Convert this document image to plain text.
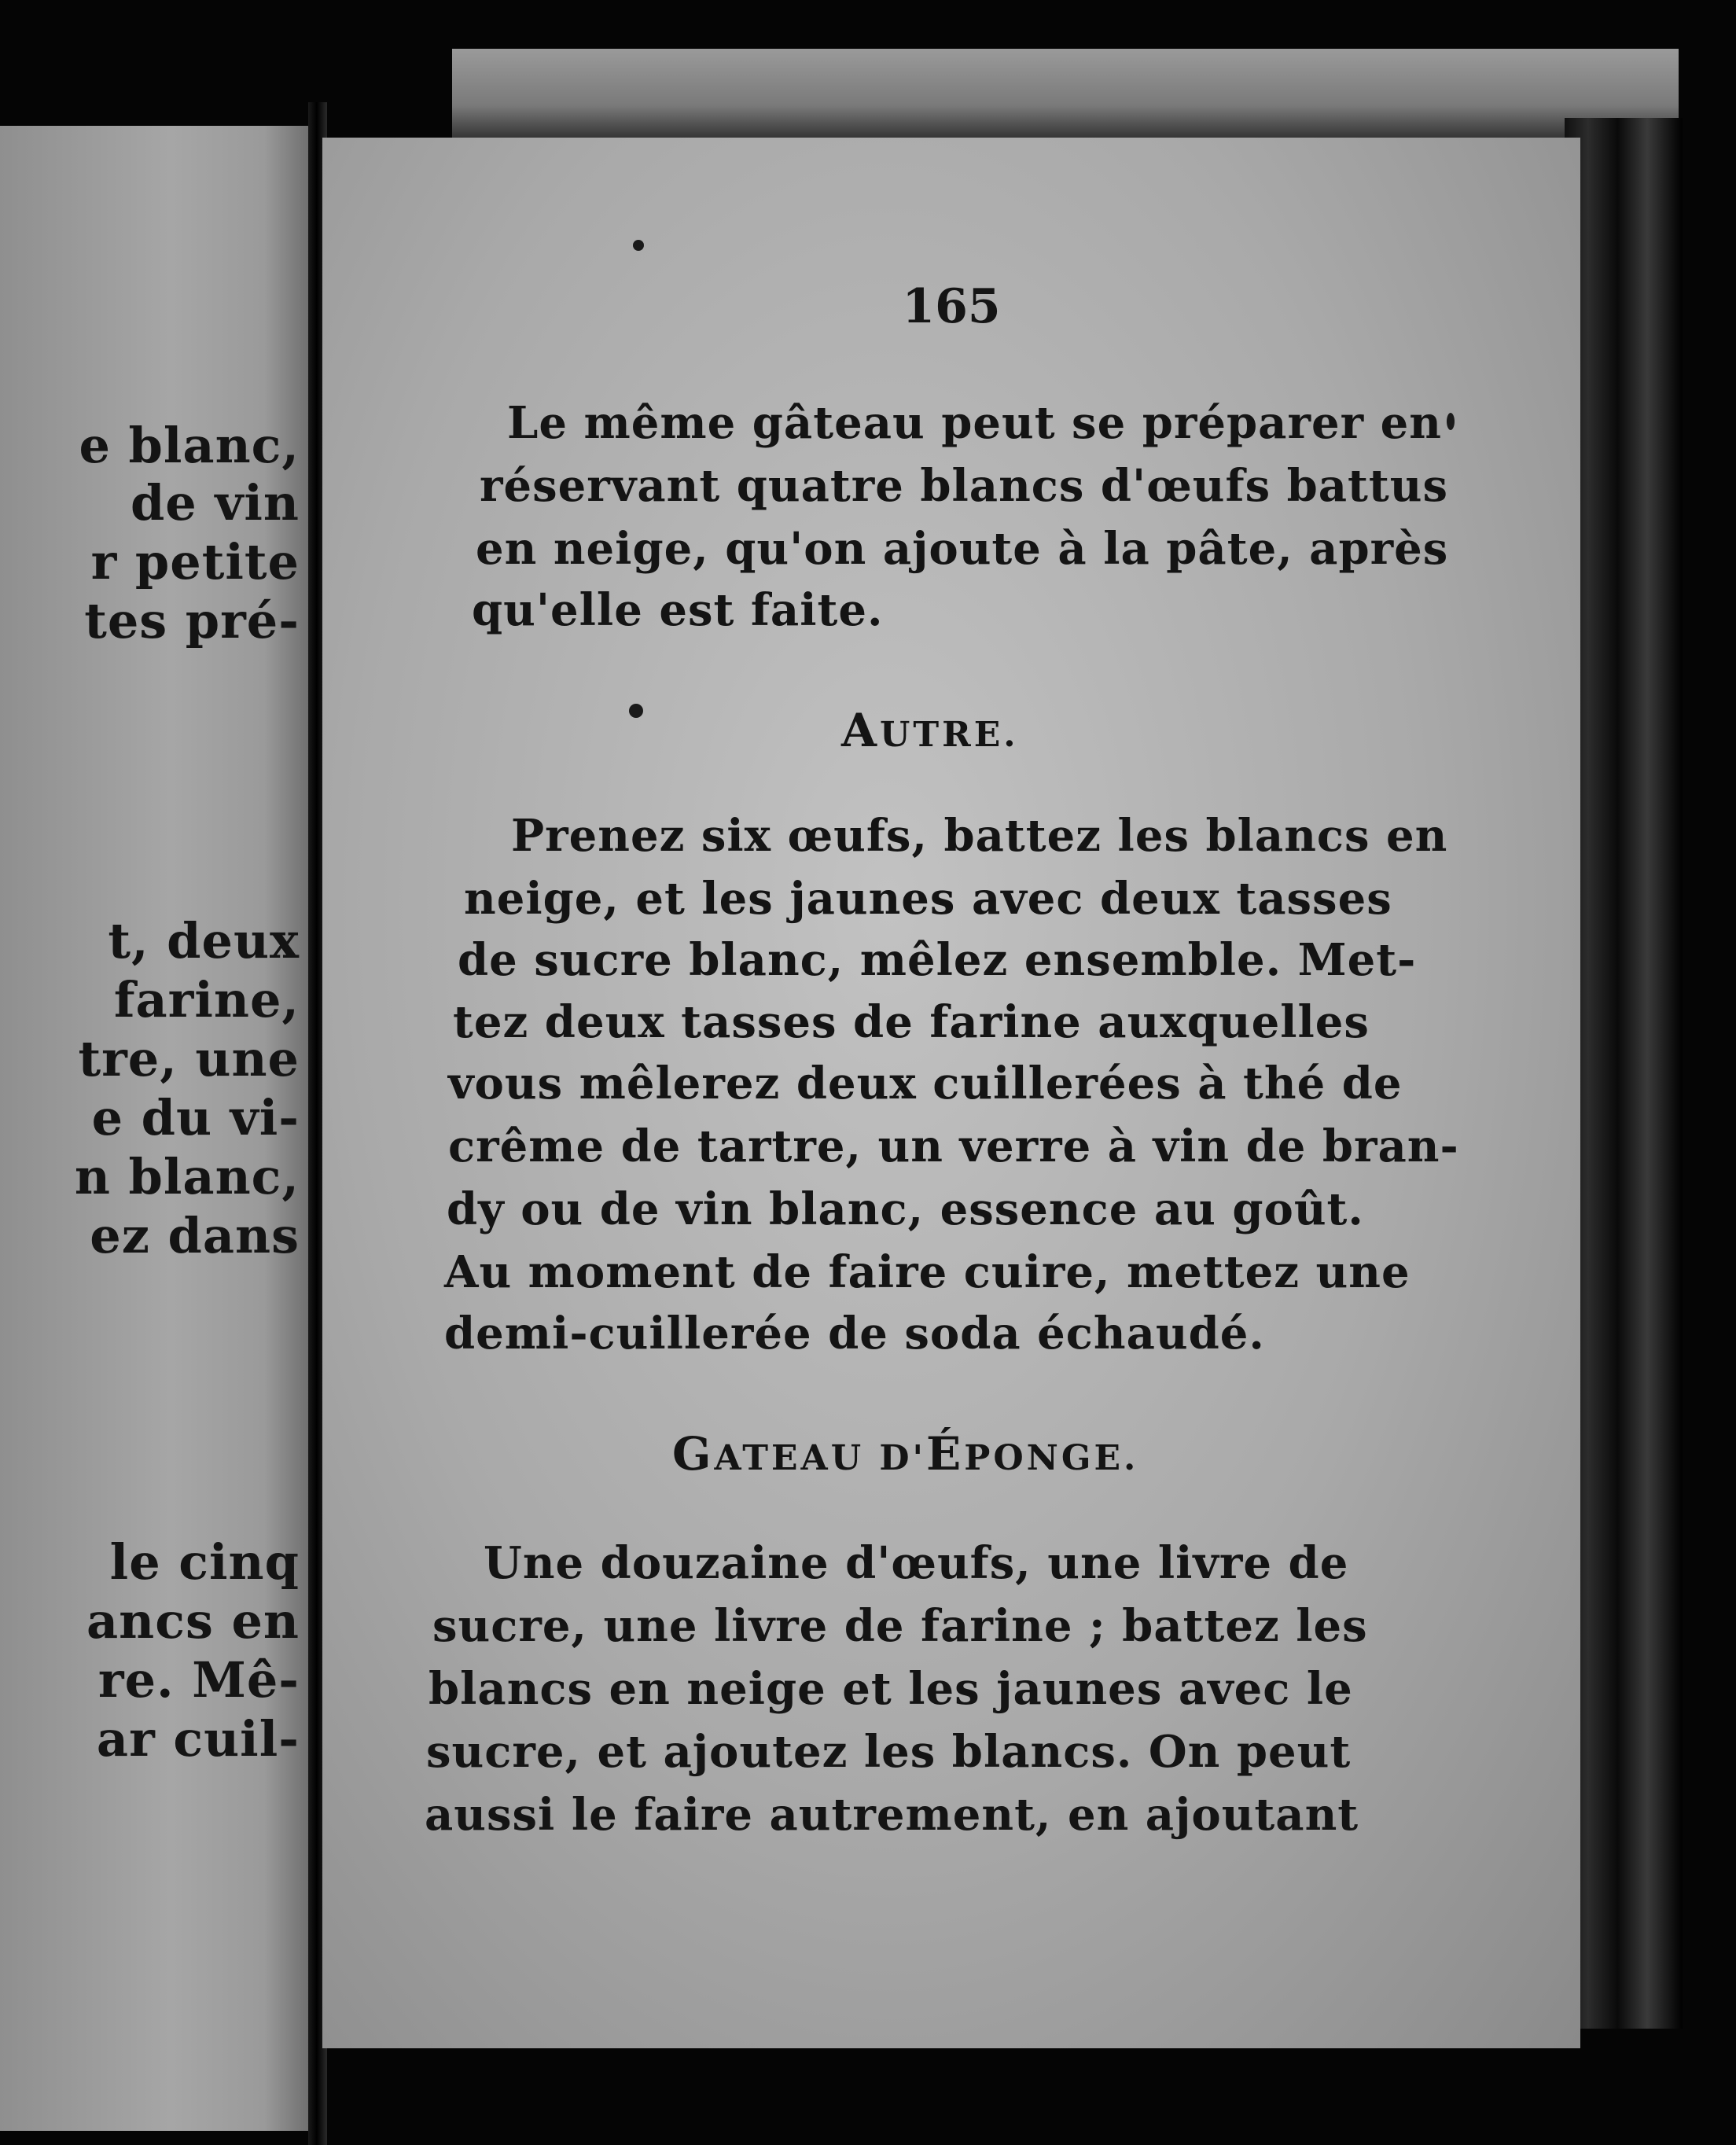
e blanc,

de vin

r petite

tes pré-

t, deux

farine,

tre, une

e du vi-

n blanc,

ez dans

le cinq

ancs en

re. Mê-

ar cuil-

165

Le même gâteau peut se préparer en

réservant quatre blancs d'œufs battus

en neige, qu'on ajoute à la pâte, après

qu'elle est faite.

AUTRE.

Prenez six œufs, battez les blancs en

neige, et les jaunes avec deux tasses

de sucre blanc, mêlez ensemble. Met-

tez deux tasses de farine auxquelles

vous mêlerez deux cuillerées à thé de

crême de tartre, un verre à vin de bran-

dy ou de vin blanc, essence au goût.

Au moment de faire cuire, mettez une

demi-cuillerée de soda échaudé.

GATEAU D'ÉPONGE.

Une douzaine d'œufs, une livre de

sucre, une livre de farine ; battez les

blancs en neige et les jaunes avec le

sucre, et ajoutez les blancs. On peut

aussi le faire autrement, en ajoutant
